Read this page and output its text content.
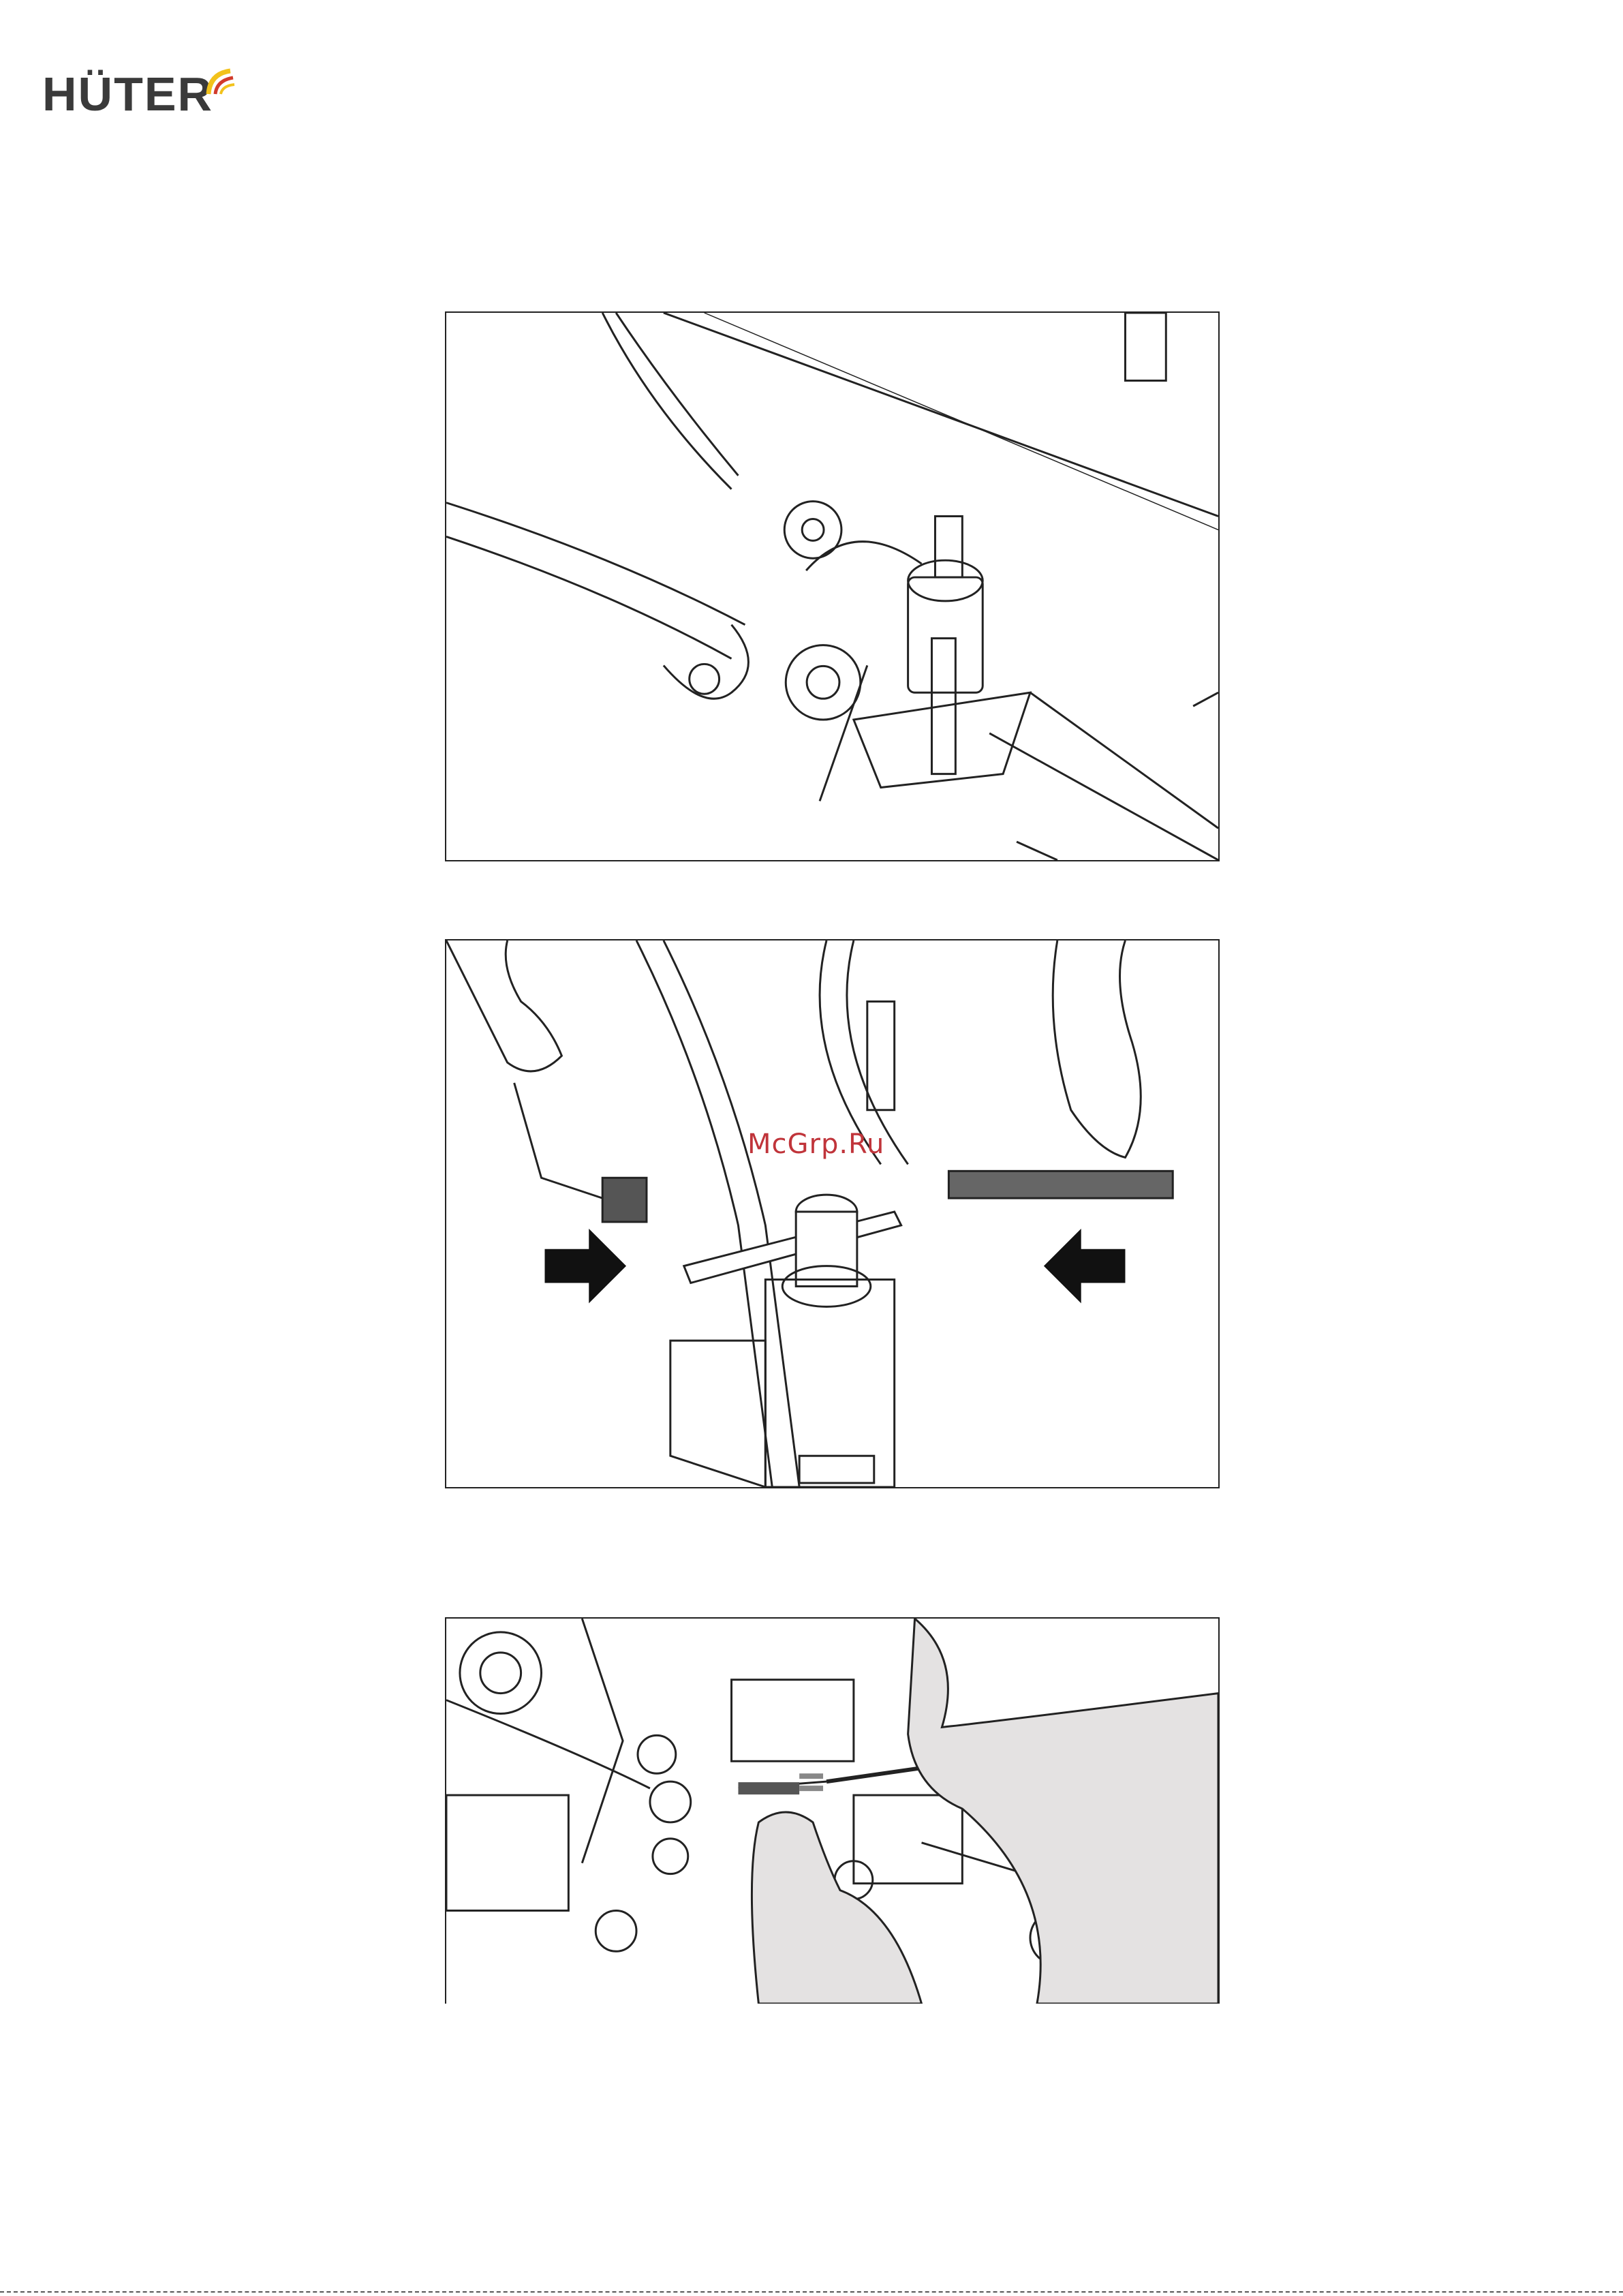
HÜTER
McGrp.Ru
